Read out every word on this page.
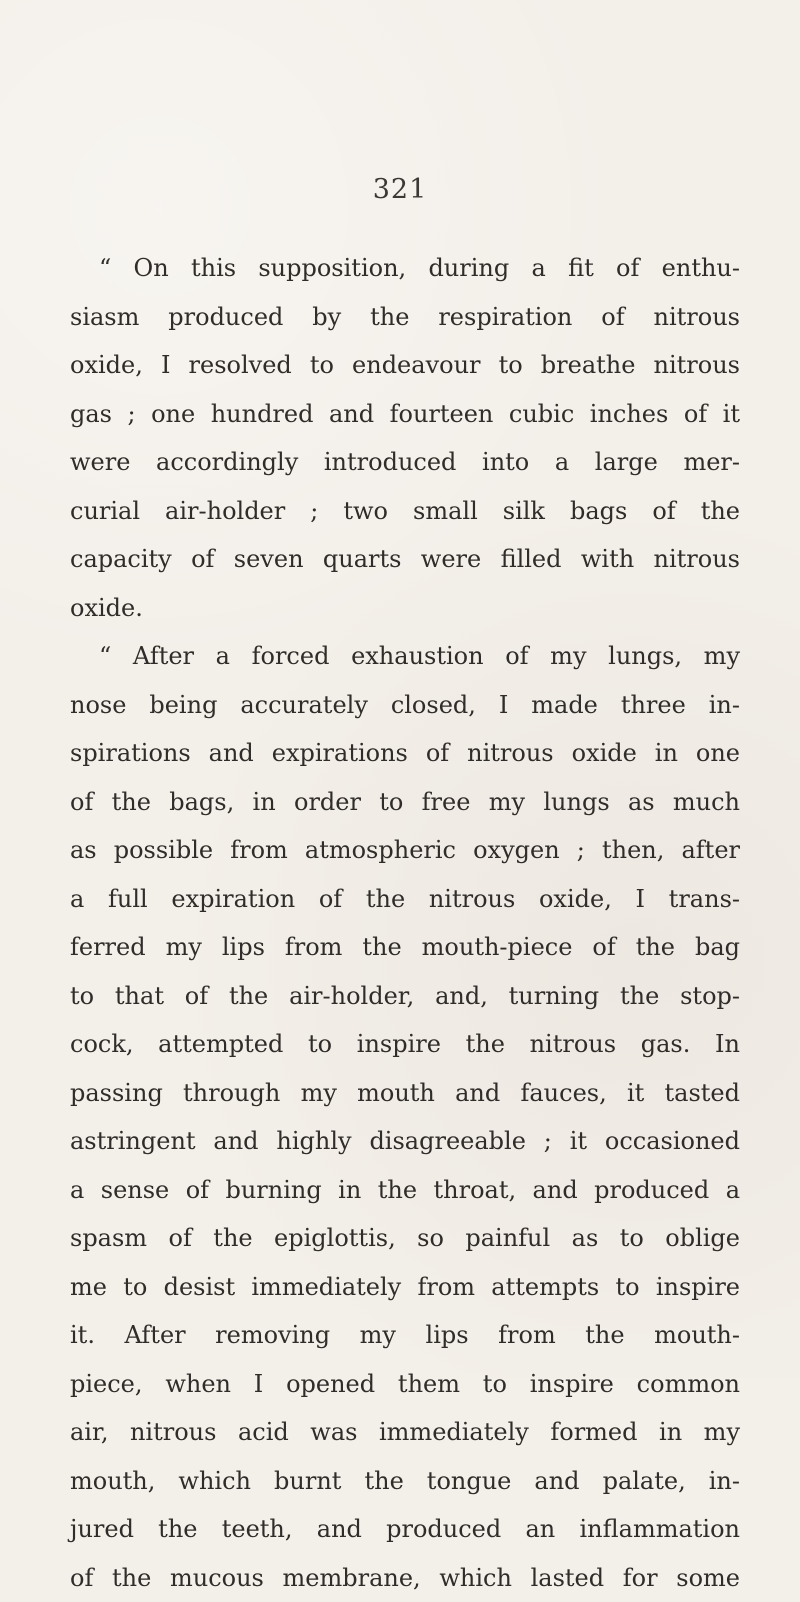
321
“ On this supposition, during a fit of enthu-
siasm produced by the respiration of nitrous
oxide, I resolved to endeavour to breathe nitrous
gas ; one hundred and fourteen cubic inches of it
were accordingly introduced into a large mer-
curial air-holder ; two small silk bags of the
capacity of seven quarts were filled with nitrous
oxide.
“ After a forced exhaustion of my lungs, my
nose being accurately closed, I made three in-
spirations and expirations of nitrous oxide in one
of the bags, in order to free my lungs as much
as possible from atmospheric oxygen ; then, after
a full expiration of the nitrous oxide, I trans-
ferred my lips from the mouth-piece of the bag
to that of the air-holder, and, turning the stop-
cock, attempted to inspire the nitrous gas. In
passing through my mouth and fauces, it tasted
astringent and highly disagreeable ; it occasioned
a sense of burning in the throat, and produced a
spasm of the epiglottis, so painful as to oblige
me to desist immediately from attempts to inspire
it. After removing my lips from the mouth-
piece, when I opened them to inspire common
air, nitrous acid was immediately formed in my
mouth, which burnt the tongue and palate, in-
jured the teeth, and produced an inflammation
of the mucous membrane, which lasted for some
